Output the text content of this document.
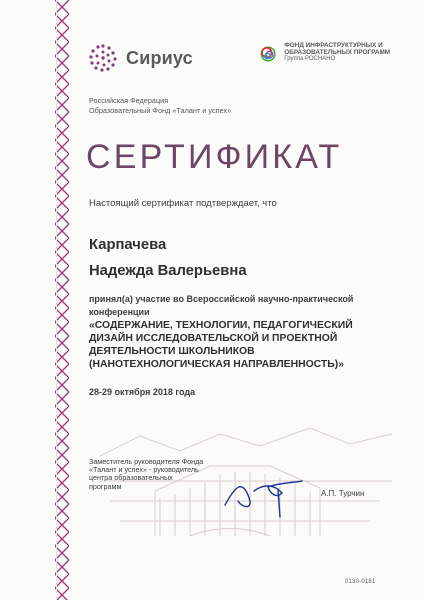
Сириус
ФОНД ИНФРАСТРУКТУРНЫХ И ОБРАЗОВАТЕЛЬНЫХ ПРОГРАММ
Группа РОСНАНО
Российская Федерация
Образовательный Фонд «Талант и успех»
СЕРТИФИКАТ
Настоящий сертификат подтверждает, что
Карпачева
Надежда Валерьевна
принял(а) участие во Всероссийской научно-практической конференции
«СОДЕРЖАНИЕ, ТЕХНОЛОГИИ, ПЕДАГОГИЧЕСКИЙ ДИЗАЙН ИССЛЕДОВАТЕЛЬСКОЙ И ПРОЕКТНОЙ ДЕЯТЕЛЬНОСТИ ШКОЛЬНИКОВ (НАНОТЕХНОЛОГИЧЕСКАЯ НАПРАВЛЕННОСТЬ)»
28-29 октября 2018 года
Заместитель руководителя Фонда «Талант и успех» - руководитель центра образовательных программ
А.П. Турчин
0130-0181
